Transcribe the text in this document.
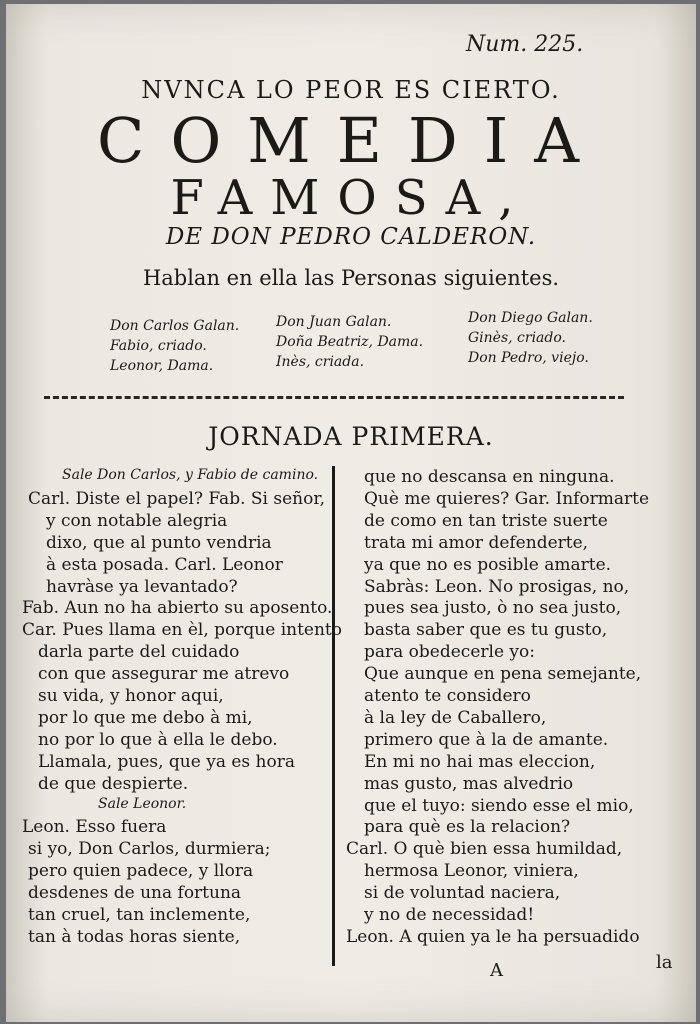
Num. 225.
NVNCA LO PEOR ES CIERTO.
COMEDIA
FAMOSA,
DE DON PEDRO CALDERON.
Hablan en ella las Personas siguientes.
Don Carlos Galan.	Don Juan Galan.	Don Diego Galan.
Fabio, criado.	Doña Beatriz, Dama.	Ginès, criado.
Leonor, Dama.	Inès, criada.	Don Pedro, viejo.
JORNADA PRIMERA.
Sale Don Carlos, y Fabio de camino.
Carl. Diste el papel? Fab. Si señor,
y con notable alegria
dixo, que al punto vendria
à esta posada. Carl. Leonor
havràse ya levantado?
Fab. Aun no ha abierto su aposento.
Car. Pues llama en èl, porque intento
darla parte del cuidado
con que assegurar me atrevo
su vida, y honor aqui,
por lo que me debo à mi,
no por lo que à ella le debo.
Llamala, pues, que ya es hora
de que despierte.
Sale Leonor.
Leon. Esso fuera
si yo, Don Carlos, durmiera;
pero quien padece, y llora
desdenes de una fortuna
tan cruel, tan inclemente,
tan à todas horas siente,
que no descansa en ninguna.
Què me quieres? Gar. Informarte
de como en tan triste suerte
trata mi amor defenderte,
ya que no es posible amarte.
Sabràs: Leon. No prosigas, no,
pues sea justo, ò no sea justo,
basta saber que es tu gusto,
para obedecerle yo:
Que aunque en pena semejante,
atento te considero
à la ley de Caballero,
primero que à la de amante.
En mi no hai mas eleccion,
mas gusto, mas alvedrio
que el tuyo: siendo esse el mio,
para què es la relacion?
Carl. O què bien essa humildad,
hermosa Leonor, viniera,
si de voluntad naciera,
y no de necessidad!
Leon. A quien ya le ha persuadido
A	la
